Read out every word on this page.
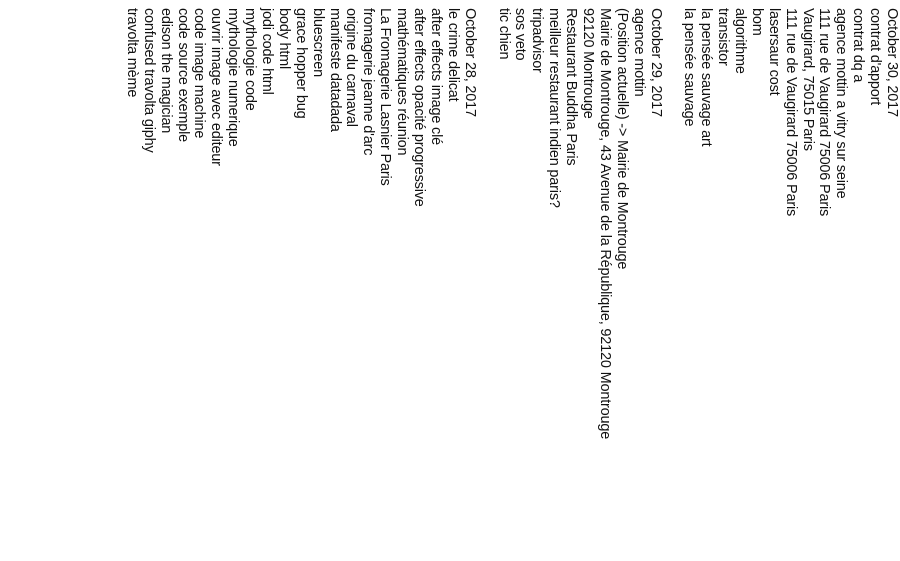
October 30, 2017
contrat d'apport
contrat dq a
agence mottin a vitry sur seine
111 rue de Vaugirard 75006 Paris
Vaugirard, 75015 Paris
111 rue de Vaugirard 75006 Paris
lasersaur cost
bom
algorithme
transistor
la pensée sauvage art
la pensée sauvage
October 29, 2017
agence mottin
(Position actuelle) -> Mairie de Montrouge
Mairie de Montrouge, 43 Avenue de la République, 92120 Montrouge
92120 Montrouge
Restaurant Buddha Paris
meilleur restaurant indien paris?
tripadvisor
sos veto
tic chien
October 28, 2017
le crime delicat
after effects image clé
after effects opacité progressive
mathématiques réunion
La Fromagerie Lasnier Paris
fromagerie jeanne d'arc
origine du carnaval
manifeste datadada
bluescreen
grace hopper bug
body html
jodi code html
mythologie code
mythologie numerique
ouvrir image avec editeur
code image machine
code source exemple
edison the magician
confused travolta giphy
travolta mème
